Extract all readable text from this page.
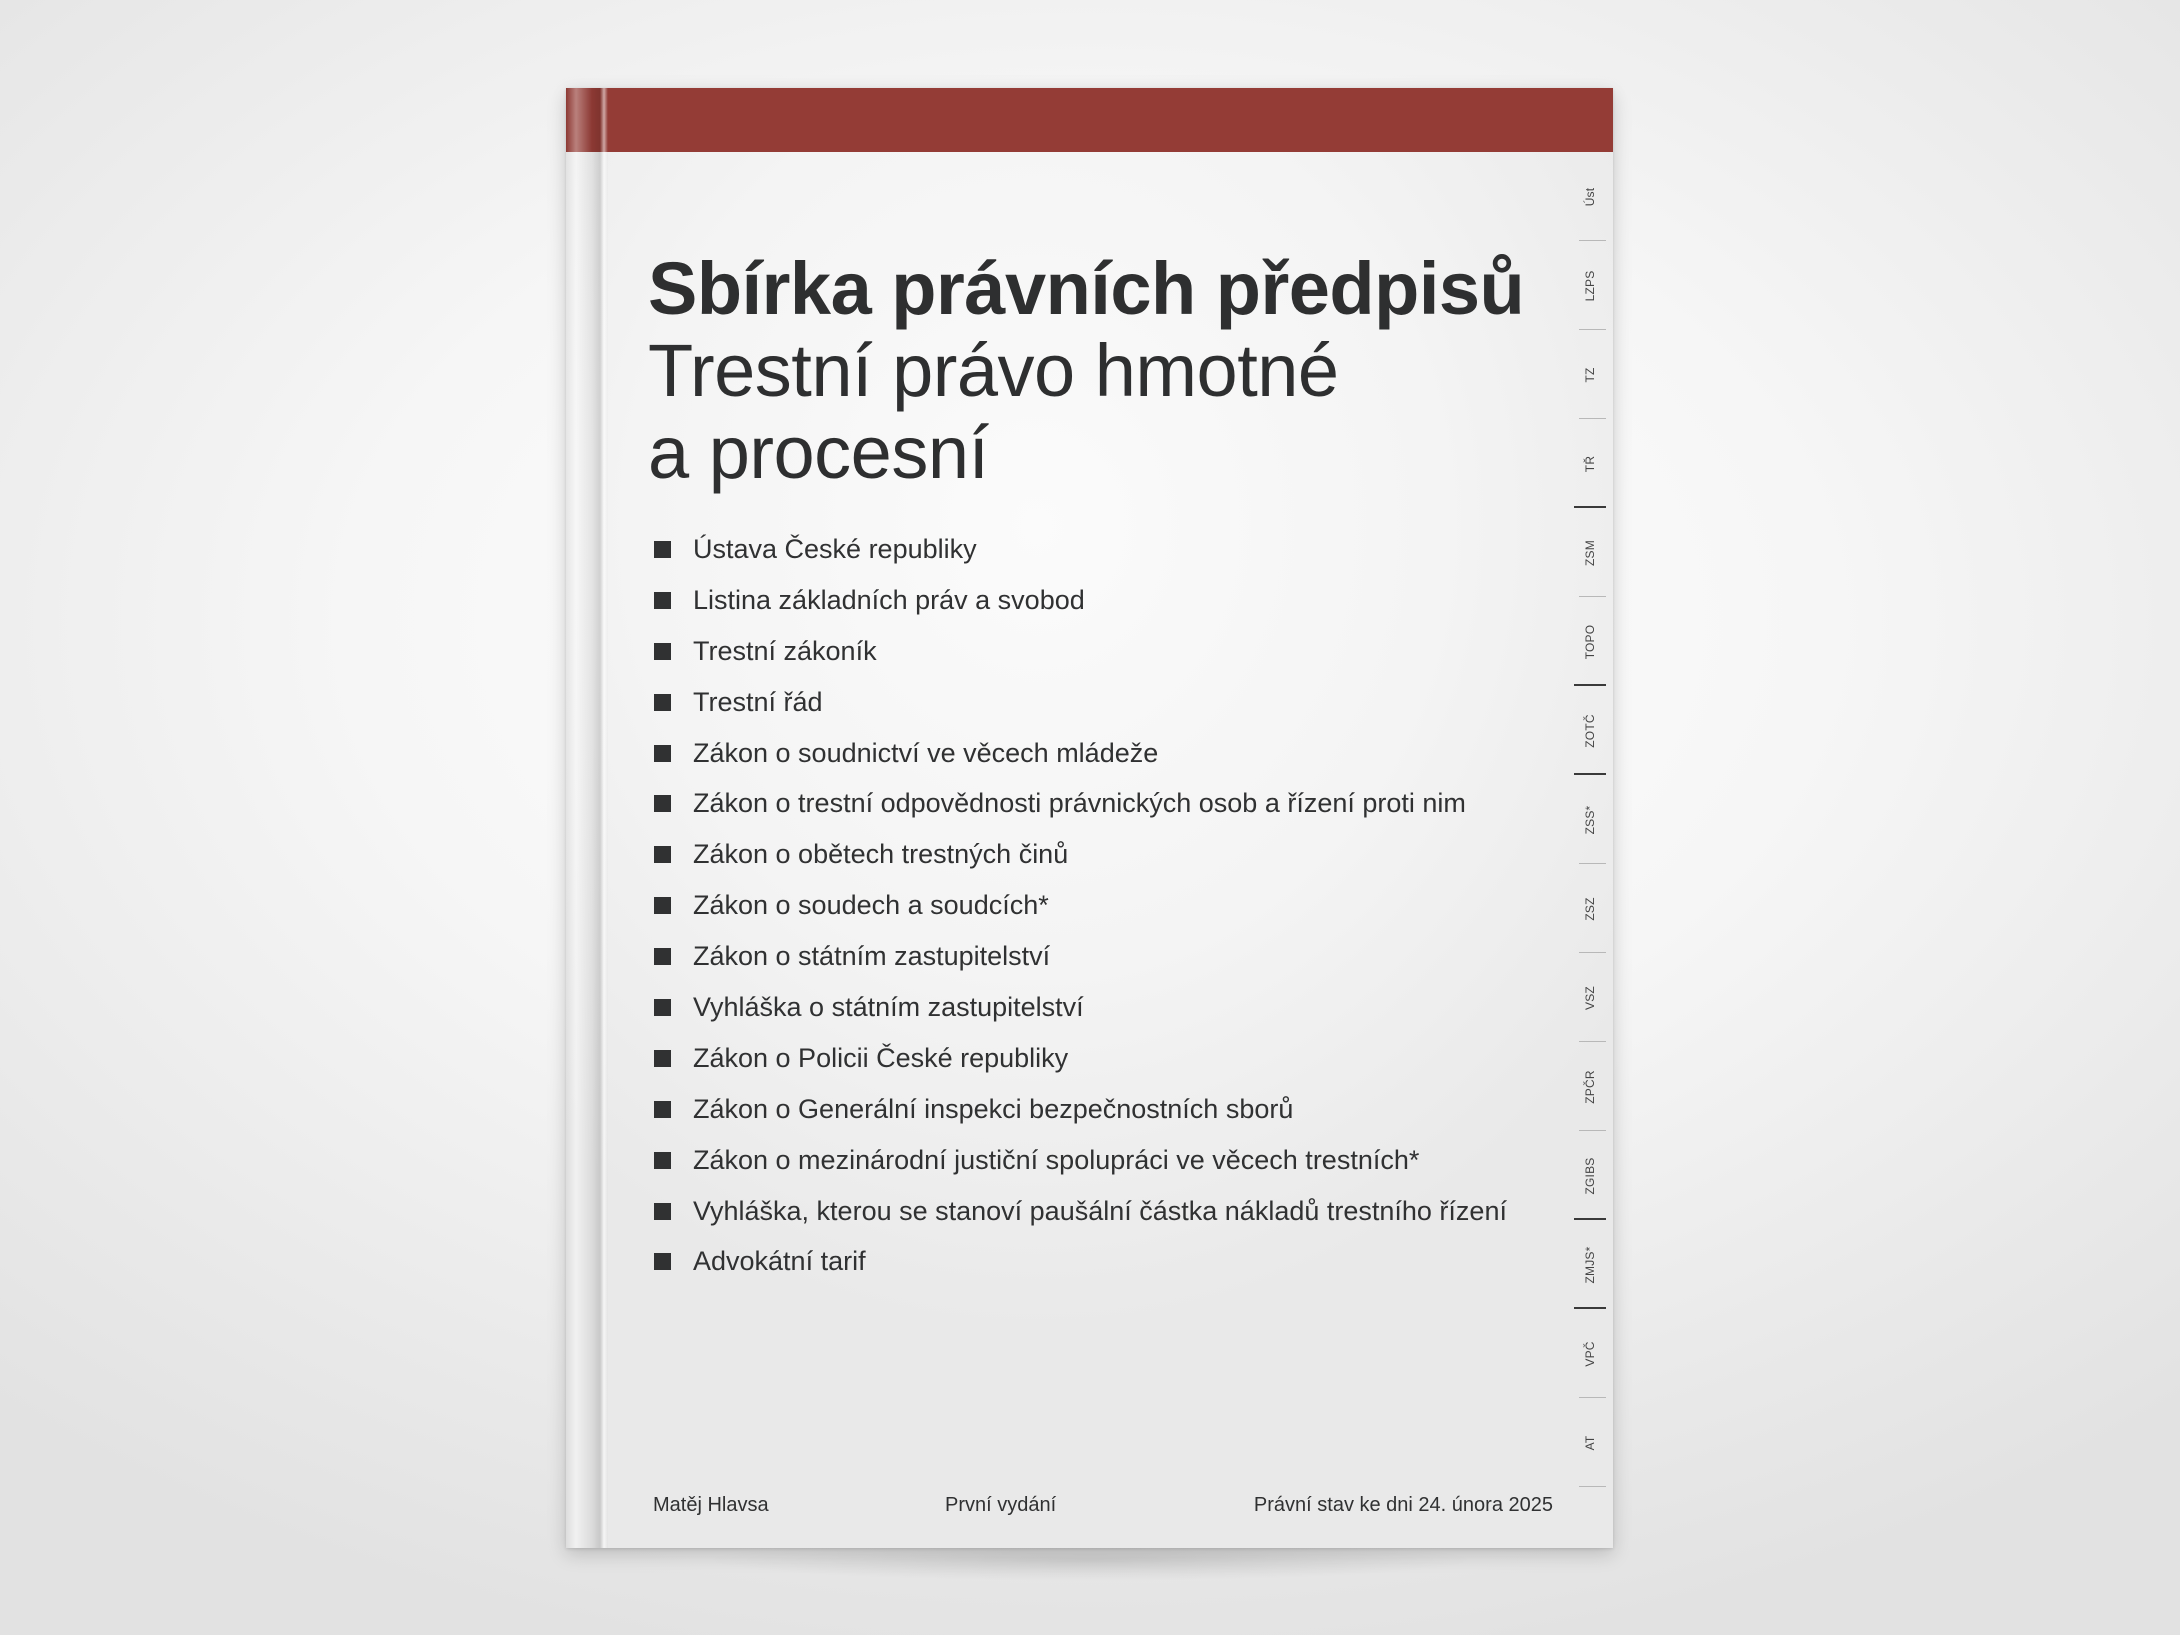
Sbírka právních předpisů
Trestní právo hmotné
a procesní
Ústava České republiky
Listina základních práv a svobod
Trestní zákoník
Trestní řád
Zákon o soudnictví ve věcech mládeže
Zákon o trestní odpovědnosti právnických osob a řízení proti nim
Zákon o obětech trestných činů
Zákon o soudech a soudcích*
Zákon o státním zastupitelství
Vyhláška o státním zastupitelství
Zákon o Policii České republiky
Zákon o Generální inspekci bezpečnostních sborů
Zákon o mezinárodní justiční spolupráci ve věcech trestních*
Vyhláška, kterou se stanoví paušální částka nákladů trestního řízení
Advokátní tarif
Úst
LZPS
TZ
TŘ
ZSM
TOPO
ZOTČ
ZSS*
ZSZ
VSZ
ZPČR
ZGIBS
ZMJS*
VPČ
AT
Matěj Hlavsa	První vydání	Právní stav ke dni 24. února 2025
